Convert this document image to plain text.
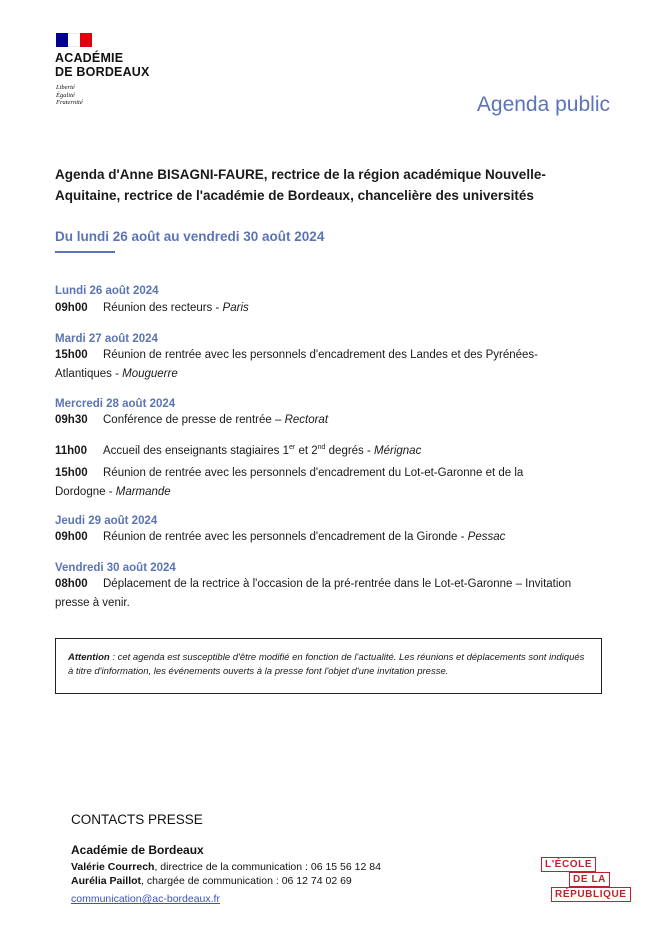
ACADÉMIE
DE BORDEAUX
Liberté
Égalité
Fraternité	Agenda public
Agenda d'Anne BISAGNI-FAURE, rectrice de la région académique Nouvelle-Aquitaine, rectrice de l'académie de Bordeaux, chancelière des universités
Du lundi 26 août au vendredi 30 août 2024
Lundi 26 août 2024
09h00 Réunion des recteurs - Paris
Mardi 27 août 2024
15h00 Réunion de rentrée avec les personnels d'encadrement des Landes et des Pyrénées-Atlantiques - Mouguerre
Mercredi 28 août 2024
09h30 Conférence de presse de rentrée – Rectorat
11h00 Accueil des enseignants stagiaires 1er et 2nd degrés - Mérignac
15h00 Réunion de rentrée avec les personnels d'encadrement du Lot-et-Garonne et de la Dordogne - Marmande
Jeudi 29 août 2024
09h00 Réunion de rentrée avec les personnels d'encadrement de la Gironde - Pessac
Vendredi 30 août 2024
08h00 Déplacement de la rectrice à l'occasion de la pré-rentrée dans le Lot-et-Garonne – Invitation presse à venir.

Attention : cet agenda est susceptible d'être modifié en fonction de l'actualité. Les réunions et déplacements sont indiqués à titre d'information, les événements ouverts à la presse font l'objet d'une invitation presse.

CONTACTS PRESSE
Académie de Bordeaux
Valérie Courrech, directrice de la communication : 06 15 56 12 84
Aurélia Paillot, chargée de communication : 06 12 74 02 69
communication@ac-bordeaux.fr
L'ÉCOLE
DE LA
RÉPUBLIQUE
